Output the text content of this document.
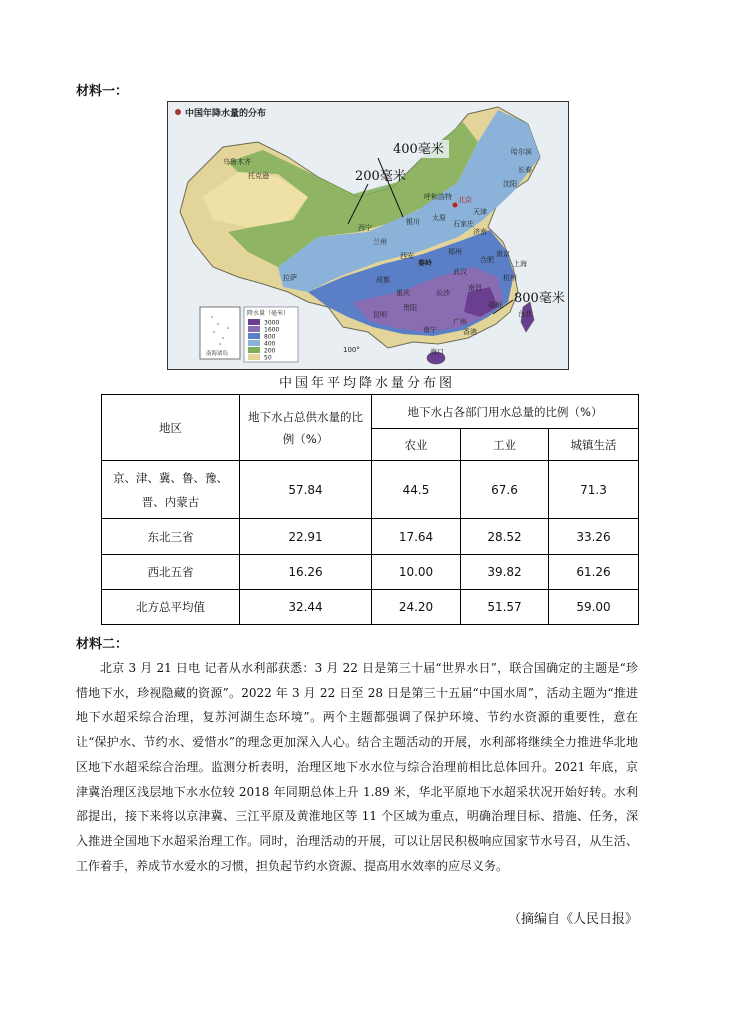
材料一：
中国年降水量的分布
400毫米
200毫米
800毫米
乌鲁木齐
托克逊
哈尔滨
长春
沈阳
呼和浩特 北京
天津
太原
石家庄
济南
西宁
兰州
银川
郑州
西安
秦岭	合肥
南京
上海
武汉
杭州
成都
重庆	长沙
南昌
福州
拉萨
贵阳
昆明
南宁
广州
台北
香港
海口
100°
降水量（毫米）
3000
1600
800
400
200
50
南海诸岛
中国年平均降水量分布图
地区	地下水占总供水量的比例（%）	地下水占各部门用水总量的比例（%）		
		农业	工业	城镇生活
京、津、冀、鲁、豫、晋、内蒙古	57.84	44.5	67.6	71.3
东北三省	22.91	17.64	28.52	33.26
西北五省	16.26	10.00	39.82	61.26
北方总平均值	32.44	24.20	51.57	59.00
材料二：
北京 3 月 21 日电 记者从水利部获悉：3 月 22 日是第三十届“世界水日”，联合国确定的主题是“珍惜地下水，珍视隐藏的资源”。2022 年 3 月 22 日至 28 日是第三十五届“中国水周”，活动主题为“推进地下水超采综合治理，复苏河湖生态环境”。两个主题都强调了保护环境、节约水资源的重要性，意在让“保护水、节约水、爱惜水”的理念更加深入人心。结合主题活动的开展，水利部将继续全力推进华北地区地下水超采综合治理。监测分析表明，治理区地下水水位与综合治理前相比总体回升。2021 年底，京津冀治理区浅层地下水水位较 2018 年同期总体上升 1.89 米，华北平原地下水超采状况开始好转。水利部提出，接下来将以京津冀、三江平原及黄淮地区等 11 个区域为重点，明确治理目标、措施、任务，深入推进全国地下水超采治理工作。同时，治理活动的开展，可以让居民积极响应国家节水号召，从生活、工作着手，养成节水爱水的习惯，担负起节约水资源、提高用水效率的应尽义务。
（摘编自《人民日报》
